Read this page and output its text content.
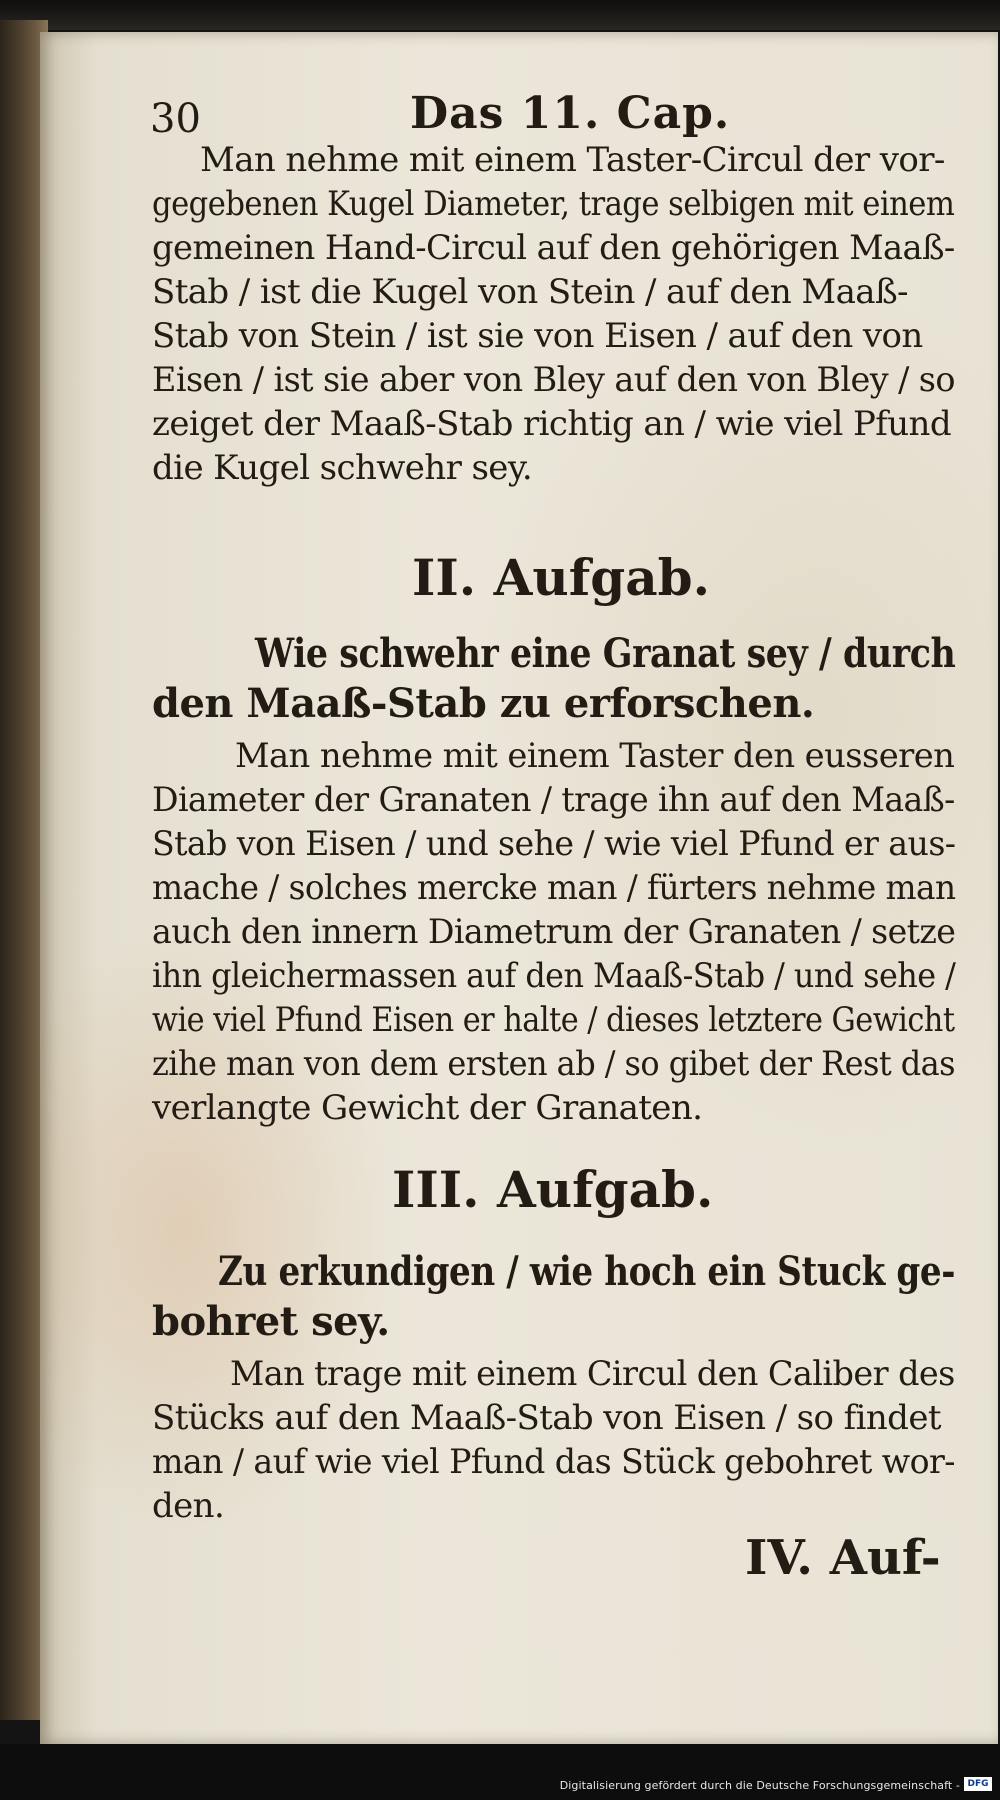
30	Das 11. Cap.
Man nehme mit einem Taster-Circul der vor-
gegebenen Kugel Diameter, trage selbigen mit einem
gemeinen Hand-Circul auf den gehörigen Maaß-
Stab / ist die Kugel von Stein / auf den Maaß-
Stab von Stein / ist sie von Eisen / auf den von
Eisen / ist sie aber von Bley auf den von Bley / so
zeiget der Maaß-Stab richtig an / wie viel Pfund
die Kugel schwehr sey.
II. Aufgab.
Wie schwehr eine Granat sey / durch
den Maaß-Stab zu erforschen.
Man nehme mit einem Taster den eusseren
Diameter der Granaten / trage ihn auf den Maaß-
Stab von Eisen / und sehe / wie viel Pfund er aus-
mache / solches mercke man / fürters nehme man
auch den innern Diametrum der Granaten / setze
ihn gleichermassen auf den Maaß-Stab / und sehe /
wie viel Pfund Eisen er halte / dieses letztere Gewicht
zihe man von dem ersten ab / so gibet der Rest das
verlangte Gewicht der Granaten.
III. Aufgab.
Zu erkundigen / wie hoch ein Stuck ge-
bohret sey.
Man trage mit einem Circul den Caliber des
Stücks auf den Maaß-Stab von Eisen / so findet
man / auf wie viel Pfund das Stück gebohret wor-
den.
IV. Auf-
Digitalisierung gefördert durch die Deutsche Forschungsgemeinschaft - DFG
